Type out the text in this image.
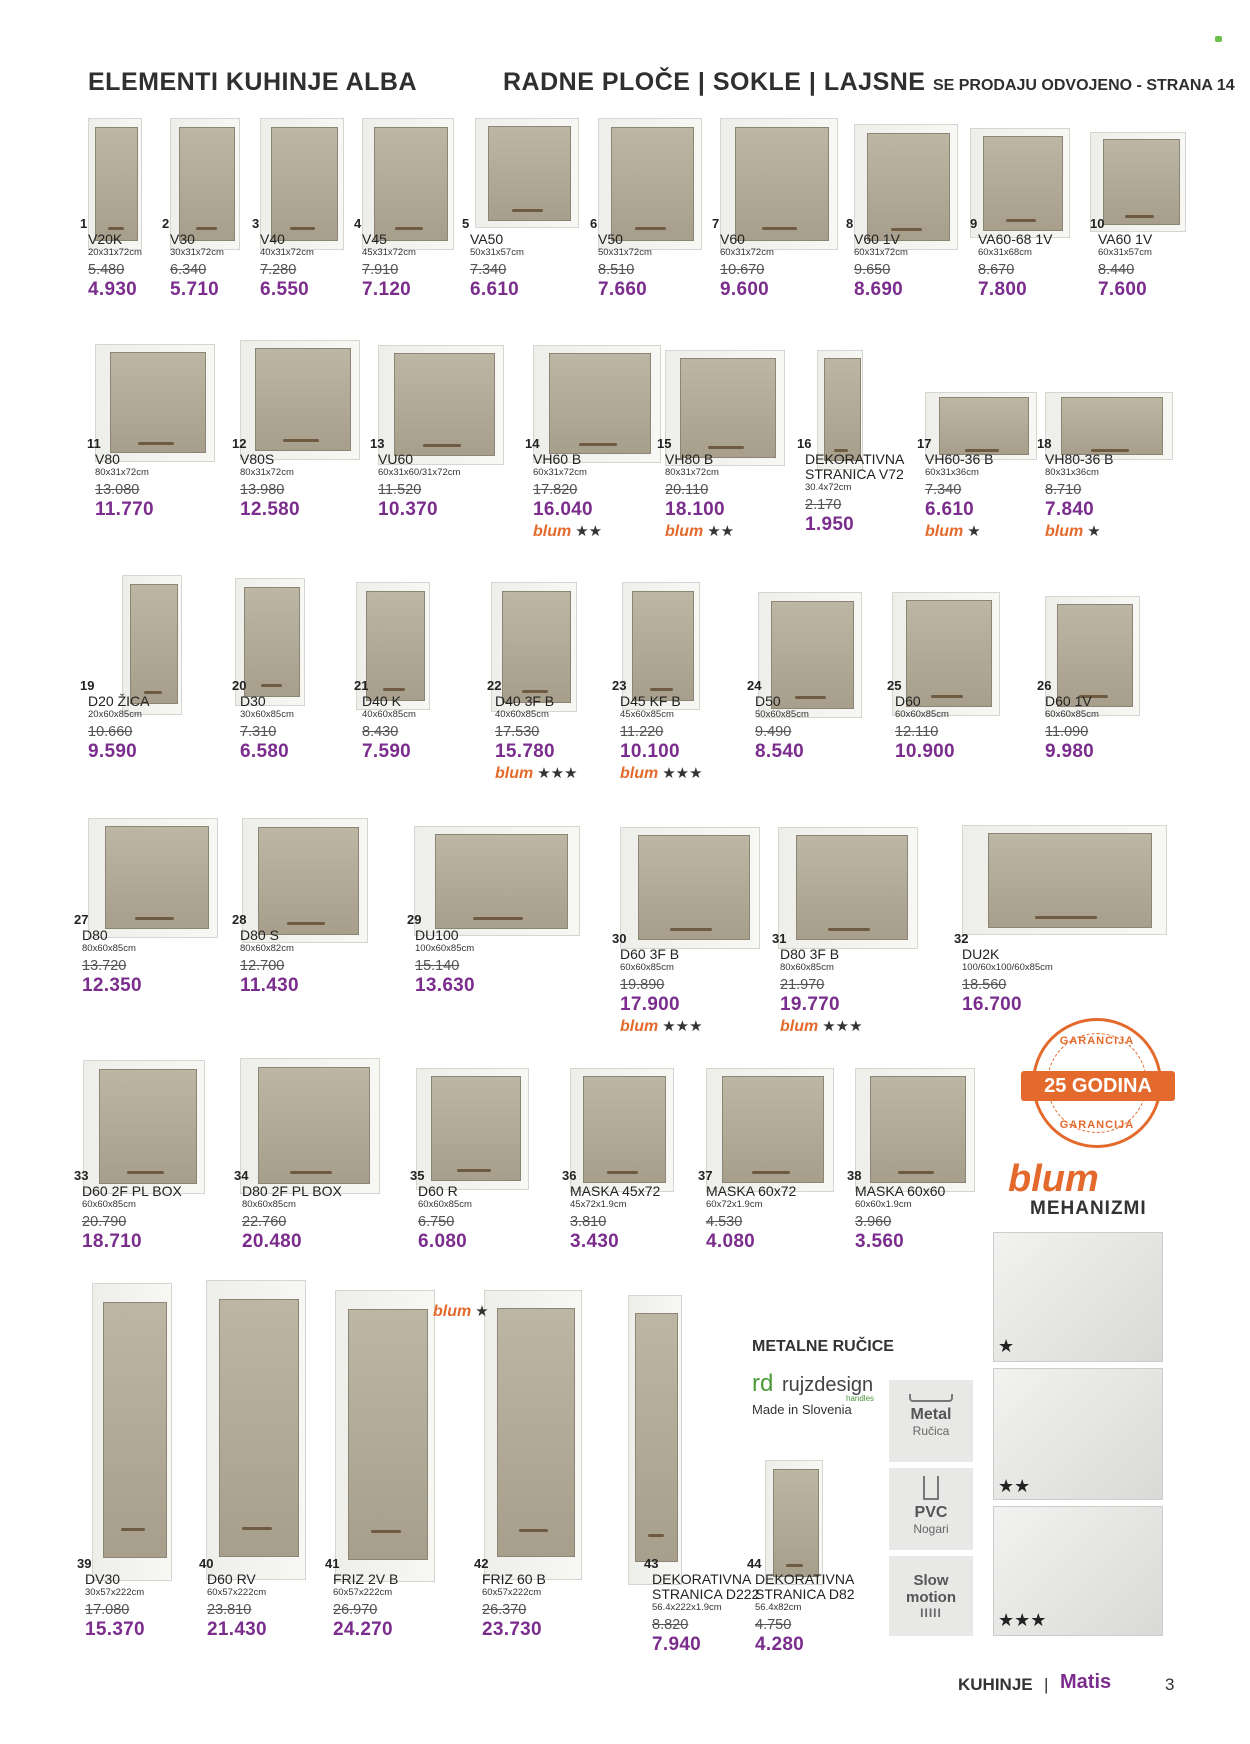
ELEMENTI KUHINJE ALBA	RADNE PLOČE | SOKLE | LAJSNE SE PRODAJU ODVOJENO - STRANA 14
1
V20K
20x31x72cm
5.480
4.930
2
V30
30x31x72cm
6.340
5.710
3
V40
40x31x72cm
7.280
6.550
4
V45
45x31x72cm
7.910
7.120
5
VA50
50x31x57cm
7.340
6.610
6
V50
50x31x72cm
8.510
7.660
7
V60
60x31x72cm
10.670
9.600
8
V60 1V
60x31x72cm
9.650
8.690
9
VA60-68 1V
60x31x68cm
8.670
7.800
10
VA60 1V
60x31x57cm
8.440
7.600
11
V80
80x31x72cm
13.080
11.770
12
V80S
80x31x72cm
13.980
12.580
13
VU60
60x31x60/31x72cm
11.520
10.370
14
VH60 B
60x31x72cm
17.820
16.040
blum ★★
15
VH80 B
80x31x72cm
20.110
18.100
blum ★★
16
DEKORATIVNA
STRANICA V72
30.4x72cm
2.170
1.950
17
VH60-36 B
60x31x36cm
7.340
6.610
blum ★
18
VH80-36 B
80x31x36cm
8.710
7.840
blum ★
19
D20 ŽICA
20x60x85cm
10.660
9.590
20
D30
30x60x85cm
7.310
6.580
21
D40 K
40x60x85cm
8.430
7.590
22
D40 3F B
40x60x85cm
17.530
15.780
blum ★★★
23
D45 KF B
45x60x85cm
11.220
10.100
blum ★★★
24
D50
50x60x85cm
9.490
8.540
25
D60
60x60x85cm
12.110
10.900
26
D60 1V
60x60x85cm
11.090
9.980
27
D80
80x60x85cm
13.720
12.350
28
D80 S
80x60x82cm
12.700
11.430
29
DU100
100x60x85cm
15.140
13.630
30
D60 3F B
60x60x85cm
19.890
17.900
blum ★★★
31
D80 3F B
80x60x85cm
21.970
19.770
blum ★★★
32
DU2K
100/60x100/60x85cm
18.560
16.700
33
D60 2F PL BOX
60x60x85cm
20.790
18.710
34
D80 2F PL BOX
80x60x85cm
22.760
20.480
35
D60 R
60x60x85cm
6.750
6.080
36
MASKA 45x72
45x72x1.9cm
3.810
3.430
37
MASKA 60x72
60x72x1.9cm
4.530
4.080
38
MASKA 60x60
60x60x1.9cm
3.960
3.560
39
DV30
30x57x222cm
17.080
15.370
40
D60 RV
60x57x222cm
23.810
21.430
41
FRIZ 2V B
60x57x222cm
26.970
24.270
42
FRIZ 60 B
60x57x222cm
26.370
23.730
43
DEKORATIVNA
STRANICA D222
56.4x222x1.9cm
8.820
7.940
44
DEKORATIVNA
STRANICA D82
56.4x82cm
4.750
4.280
blum ★
GARANCIJA
25 GODINA
GARANCIJA
blum
MEHANIZMI
★
★★
★★★
METALNE RUČICE
rd rujzdesign
handles
Made in Slovenia	Metal
Ručica
PVC
Nogari
Slow motion
IIIII
KUHINJE | Matis	3
